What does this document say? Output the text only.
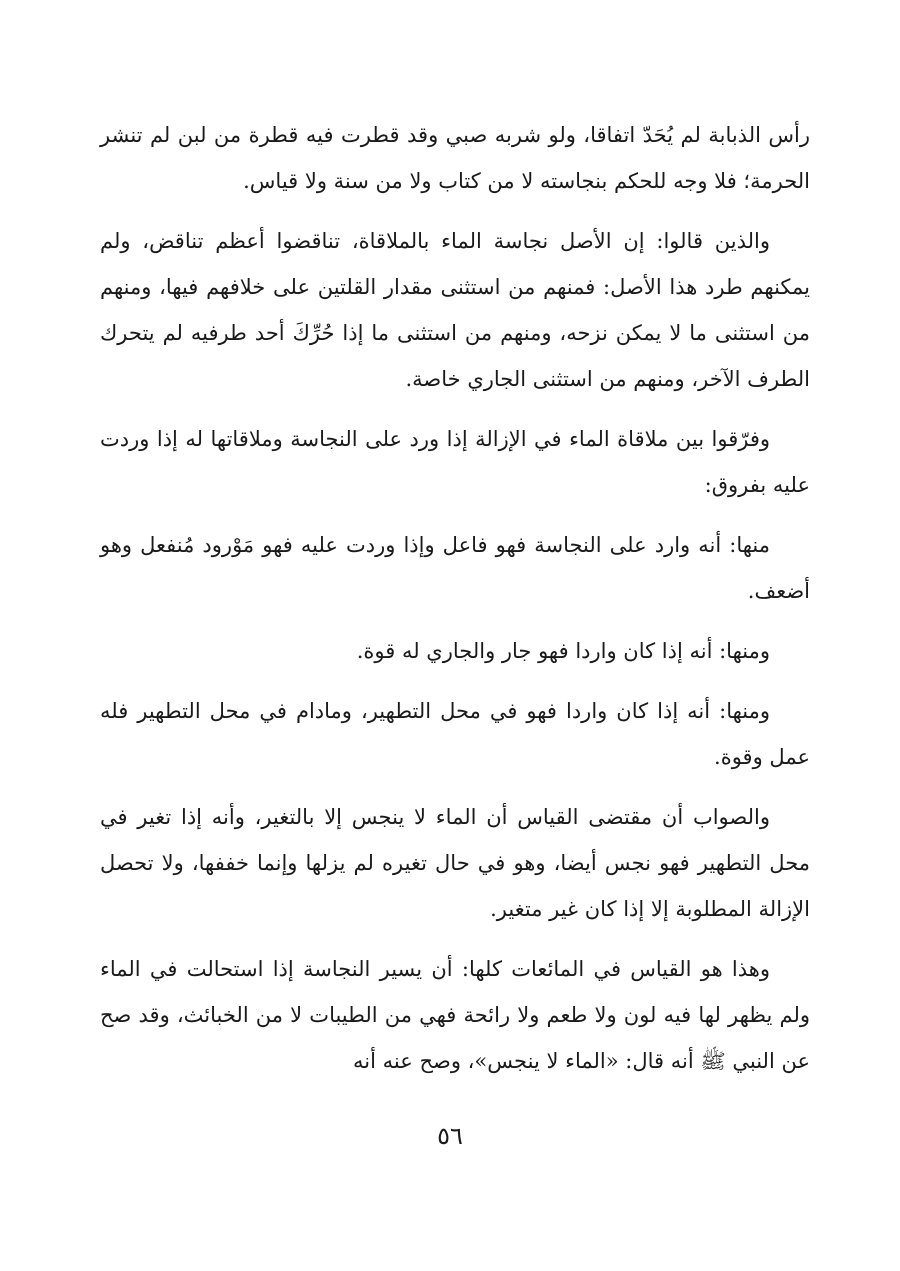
رأس الذبابة لم يُحَدّ اتفاقا، ولو شربه صبي وقد قطرت فيه قطرة من لبن لم تنشر الحرمة؛ فلا وجه للحكم بنجاسته لا من كتاب ولا من سنة ولا قياس.

والذين قالوا: إن الأصل نجاسة الماء بالملاقاة، تناقضوا أعظم تناقض، ولم يمكنهم طرد هذا الأصل: فمنهم من استثنى مقدار القلتين على خلافهم فيها، ومنهم من استثنى ما لا يمكن نزحه، ومنهم من استثنى ما إذا حُرِّكَ أحد طرفيه لم يتحرك الطرف الآخر، ومنهم من استثنى الجاري خاصة.

وفرّقوا بين ملاقاة الماء في الإزالة إذا ورد على النجاسة وملاقاتها له إذا وردت عليه بفروق:

منها: أنه وارد على النجاسة فهو فاعل وإذا وردت عليه فهو مَوْرود مُنفعل وهو أضعف.

ومنها: أنه إذا كان واردا فهو جار والجاري له قوة.

ومنها: أنه إذا كان واردا فهو في محل التطهير، ومادام في محل التطهير فله عمل وقوة.

والصواب أن مقتضى القياس أن الماء لا ينجس إلا بالتغير، وأنه إذا تغير في محل التطهير فهو نجس أيضا، وهو في حال تغيره لم يزلها وإنما خففها، ولا تحصل الإزالة المطلوبة إلا إذا كان غير متغير.

وهذا هو القياس في المائعات كلها: أن يسير النجاسة إذا استحالت في الماء ولم يظهر لها فيه لون ولا طعم ولا رائحة فهي من الطيبات لا من الخبائث، وقد صح عن النبي ﷺ أنه قال: «الماء لا ينجس»، وصح عنه أنه

٥٦
